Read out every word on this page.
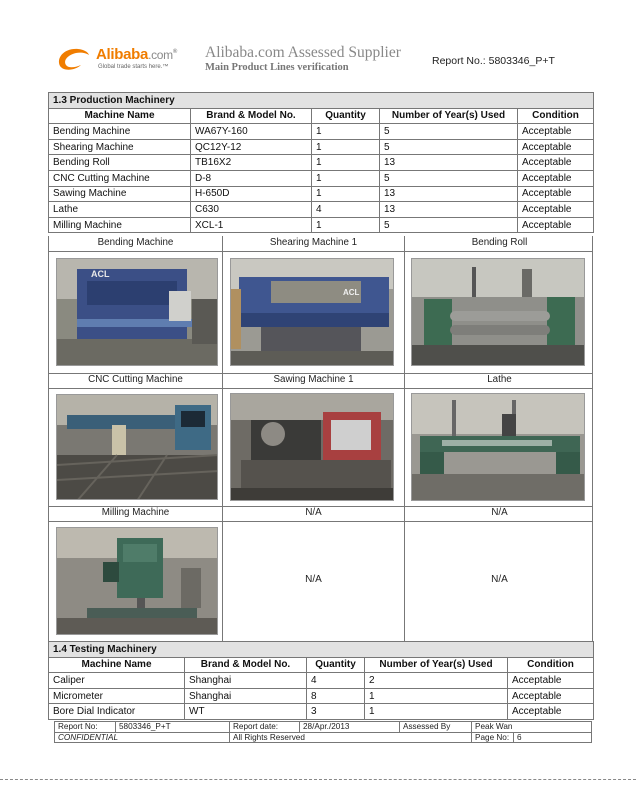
a Alibaba.com®
Global trade starts here.™
Alibaba.com Assessed Supplier
Main Product Lines verification
Report No.: 5803346_P+T
1.3 Production Machinery				
Machine Name	Brand & Model No.	Quantity	Number of Year(s) Used	Condition
Bending Machine	WA67Y-160	1	5	Acceptable
Shearing Machine	QC12Y-12	1	5	Acceptable
Bending Roll	TB16X2	1	13	Acceptable
CNC Cutting Machine	D-8	1	5	Acceptable
Sawing Machine	H-650D	1	13	Acceptable
Lathe	C630	4	13	Acceptable
Milling Machine	XCL-1	1	5	Acceptable
Bending Machine	Shearing Machine 1	Bending Roll
ACL
ACL
CNC Cutting Machine	Sawing Machine 1	Lathe
Milling Machine	N/A	N/A
N/A	N/A
1.4 Testing Machinery				
Machine Name	Brand & Model No.	Quantity	Number of Year(s) Used	Condition
Caliper	Shanghai	4	2	Acceptable
Micrometer	Shanghai	8	1	Acceptable
Bore Dial Indicator	WT	3	1	Acceptable
Report No:	5803346_P+T	Report date:	28/Apr./2013	Assessed By	Peak Wan
CONFIDENTIAL	All Rights Reserved	Page No: 6
